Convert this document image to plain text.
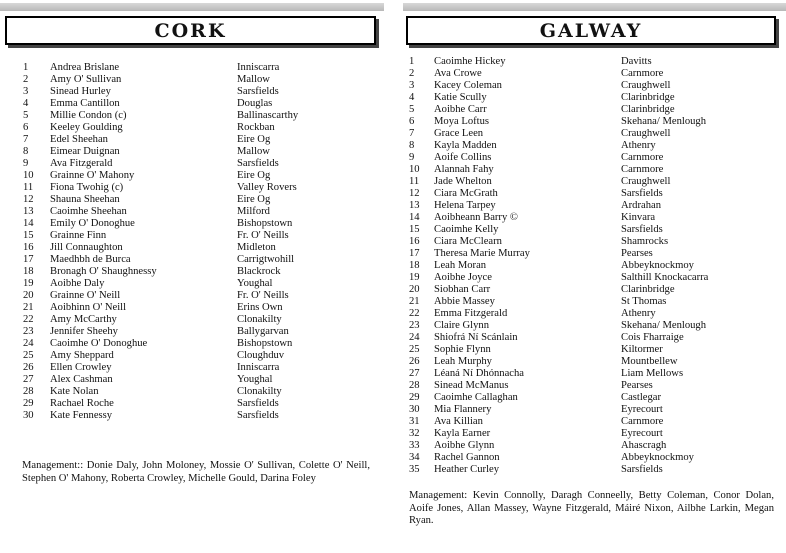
CORK
1	Andrea Brislane	Inniscarra
2	Amy O' Sullivan	Mallow
3	Sinead Hurley	Sarsfields
4	Emma Cantillon	Douglas
5	Millie Condon (c)	Ballinascarthy
6	Keeley Goulding	Rockban
7	Edel Sheehan	Eire Og
8	Eimear Duignan	Mallow
9	Ava Fitzgerald	Sarsfields
10	Grainne O' Mahony	Eire Og
11	Fiona Twohig (c)	Valley Rovers
12	Shauna Sheehan	Eire Og
13	Caoimhe Sheehan	Milford
14	Emily O' Donoghue	Bishopstown
15	Grainne Finn	Fr. O' Neills
16	Jill Connaughton	Midleton
17	Maedhbh de Burca	Carrigtwohill
18	Bronagh O' Shaughnessy	Blackrock
19	Aoibhe Daly	Youghal
20	Grainne O' Neill	Fr. O' Neills
21	Aoibhinn O' Neill	Erins Own
22	Amy McCarthy	Clonakilty
23	Jennifer Sheehy	Ballygarvan
24	Caoimhe O' Donoghue	Bishopstown
25	Amy Sheppard	Cloughduv
26	Ellen Crowley	Inniscarra
27	Alex Cashman	Youghal
28	Kate Nolan	Clonakilty
29	Rachael Roche	Sarsfields
30	Kate Fennessy	Sarsfields
Management:: Donie Daly, John Moloney, Mossie O' Sullivan, Colette O' Neill, Stephen O' Mahony, Roberta Crowley, Michelle Gould, Darina Foley
GALWAY
1	Caoimhe Hickey	Davitts
2	Ava Crowe	Carnmore
3	Kacey Coleman	Craughwell
4	Katie Scully	Clarinbridge
5	Aoibhe Carr	Clarinbridge
6	Moya Loftus	Skehana/ Menlough
7	Grace Leen	Craughwell
8	Kayla Madden	Athenry
9	Aoife Collins	Carnmore
10	Alannah Fahy	Carnmore
11	Jade Whelton	Craughwell
12	Ciara McGrath	Sarsfields
13	Helena Tarpey	Ardrahan
14	Aoibheann Barry ©	Kinvara
15	Caoimhe Kelly	Sarsfields
16	Ciara McClearn	Shamrocks
17	Theresa Marie Murray	Pearses
18	Leah Moran	Abbeyknockmoy
19	Aoibhe Joyce	Salthill Knockacarra
20	Siobhan Carr	Clarinbridge
21	Abbie Massey	St Thomas
22	Emma Fitzgerald	Athenry
23	Claire Glynn	Skehana/ Menlough
24	Shiofrá Ní Scánlain	Cois Fharraige
25	Sophie Flynn	Kiltormer
26	Leah Murphy	Mountbellew
27	Léaná Ní Dhónnacha	Liam Mellows
28	Sinead McManus	Pearses
29	Caoimhe Callaghan	Castlegar
30	Mia Flannery	Eyrecourt
31	Ava Killian	Carnmore
32	Kayla Earner	Eyrecourt
33	Aoibhe Glynn	Ahascragh
34	Rachel Gannon	Abbeyknockmoy
35	Heather Curley	Sarsfields
Management: Kevin Connolly, Daragh Conneelly, Betty Coleman, Conor Dolan, Aoife Jones, Allan Massey, Wayne Fitzgerald, Máiré Nixon, Ailbhe Larkin, Megan Ryan.
